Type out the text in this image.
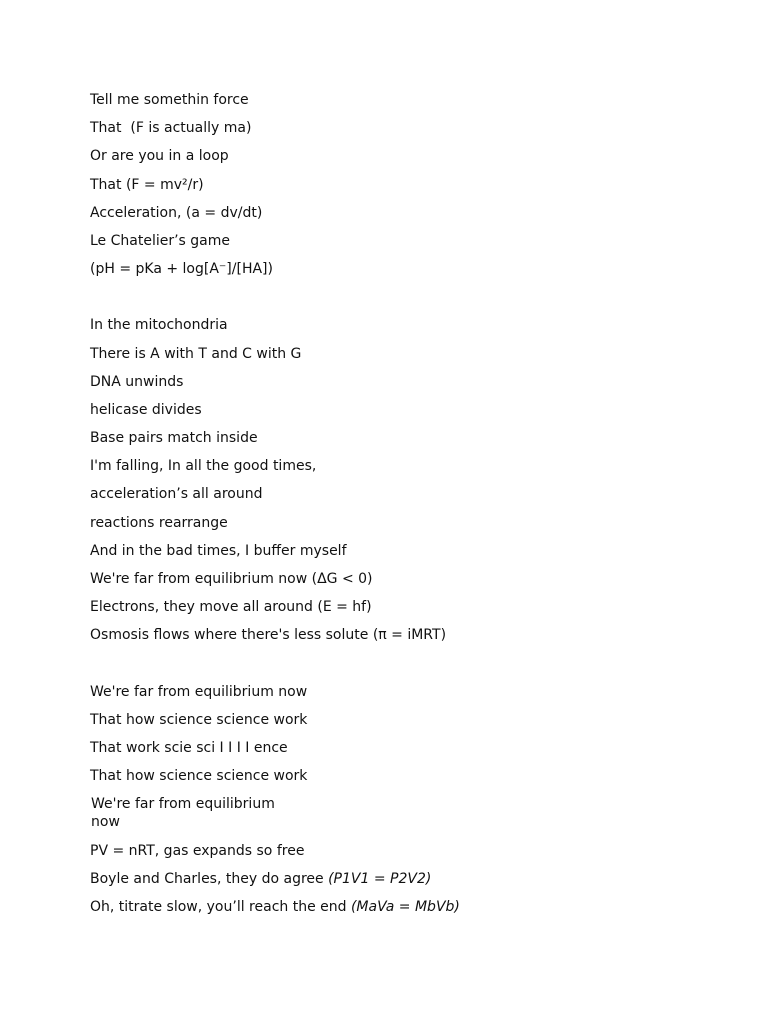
Tell me somethin force
That  (F is actually ma)
Or are you in a loop
That (F = mv²/r)
Acceleration, (a = dv/dt)
Le Chatelier’s game
(pH = pKa + log[A⁻]/[HA])
In the mitochondria
There is A with T and C with G
DNA unwinds
helicase divides
Base pairs match inside
I'm falling, In all the good times,
acceleration’s all around
reactions rearrange
And in the bad times, I buffer myself
We're far from equilibrium now (ΔG < 0)
Electrons, they move all around (E = hf)
Osmosis flows where there's less solute (π = iMRT)
We're far from equilibrium now
That how science science work
That work scie sci I I I I ence
That how science science work
We're far from equilibrium now
PV = nRT, gas expands so free
Boyle and Charles, they do agree (P1V1 = P2V2)
Oh, titrate slow, you’ll reach the end (MaVa = MbVb)
